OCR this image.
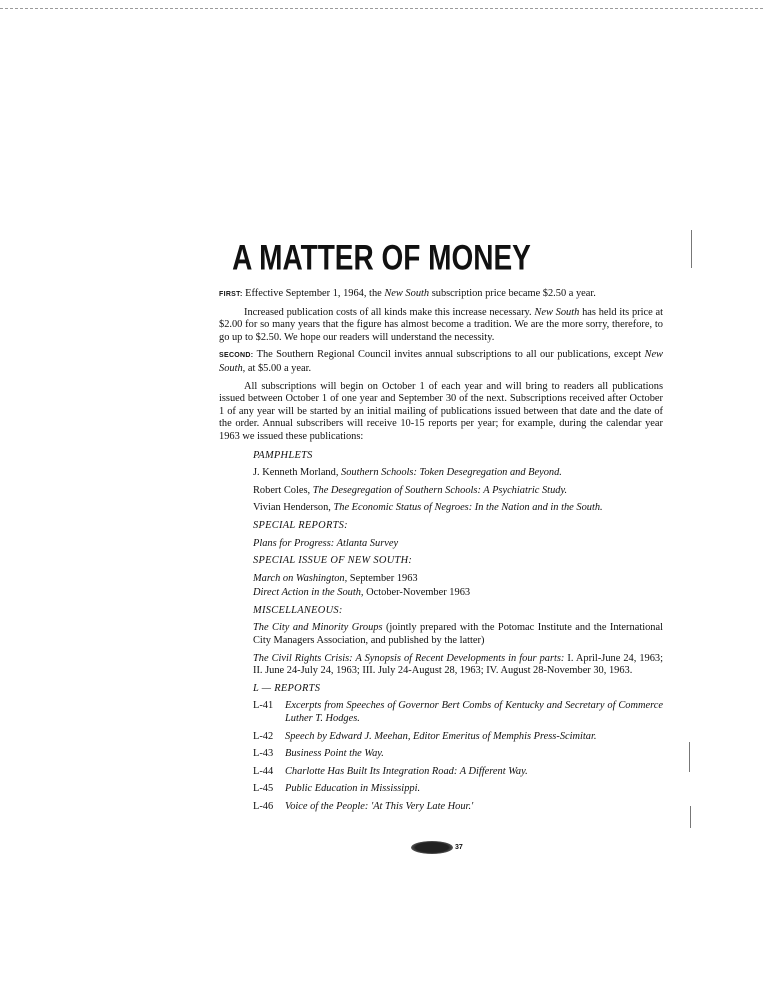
A MATTER OF MONEY

FIRST: Effective September 1, 1964, the New South subscription price became $2.50 a year.

Increased publication costs of all kinds make this increase necessary. New South has held its price at $2.00 for so many years that the figure has almost become a tradition. We are the more sorry, therefore, to go up to $2.50. We hope our readers will understand the necessity.

SECOND: The Southern Regional Council invites annual subscriptions to all our publications, except New South, at $5.00 a year.

All subscriptions will begin on October 1 of each year and will bring to readers all publications issued between October 1 of one year and September 30 of the next. Subscriptions received after October 1 of any year will be started by an initial mailing of publications issued between that date and the date of the order. Annual subscribers will receive 10-15 reports per year; for example, during the calendar year 1963 we issued these publications:

PAMPHLETS
J. Kenneth Morland, Southern Schools: Token Desegregation and Beyond.
Robert Coles, The Desegregation of Southern Schools: A Psychiatric Study.
Vivian Henderson, The Economic Status of Negroes: In the Nation and in the South.
SPECIAL REPORTS:
Plans for Progress: Atlanta Survey
SPECIAL ISSUE OF NEW SOUTH:
March on Washington, September 1963
Direct Action in the South, October-November 1963
MISCELLANEOUS:
The City and Minority Groups (jointly prepared with the Potomac Institute and the International City Managers Association, and published by the latter)
The Civil Rights Crisis: A Synopsis of Recent Developments in four parts: I. April-June 24, 1963; II. June 24-July 24, 1963; III. July 24-August 28, 1963; IV. August 28-November 30, 1963.
L — REPORTS
L-41	Excerpts from Speeches of Governor Bert Combs of Kentucky and Secretary of Commerce Luther T. Hodges.
L-42	Speech by Edward J. Meehan, Editor Emeritus of Memphis Press-Scimitar.
L-43	Business Point the Way.
L-44	Charlotte Has Built Its Integration Road: A Different Way.
L-45	Public Education in Mississippi.
L-46	Voice of the People: 'At This Very Late Hour.'
37
